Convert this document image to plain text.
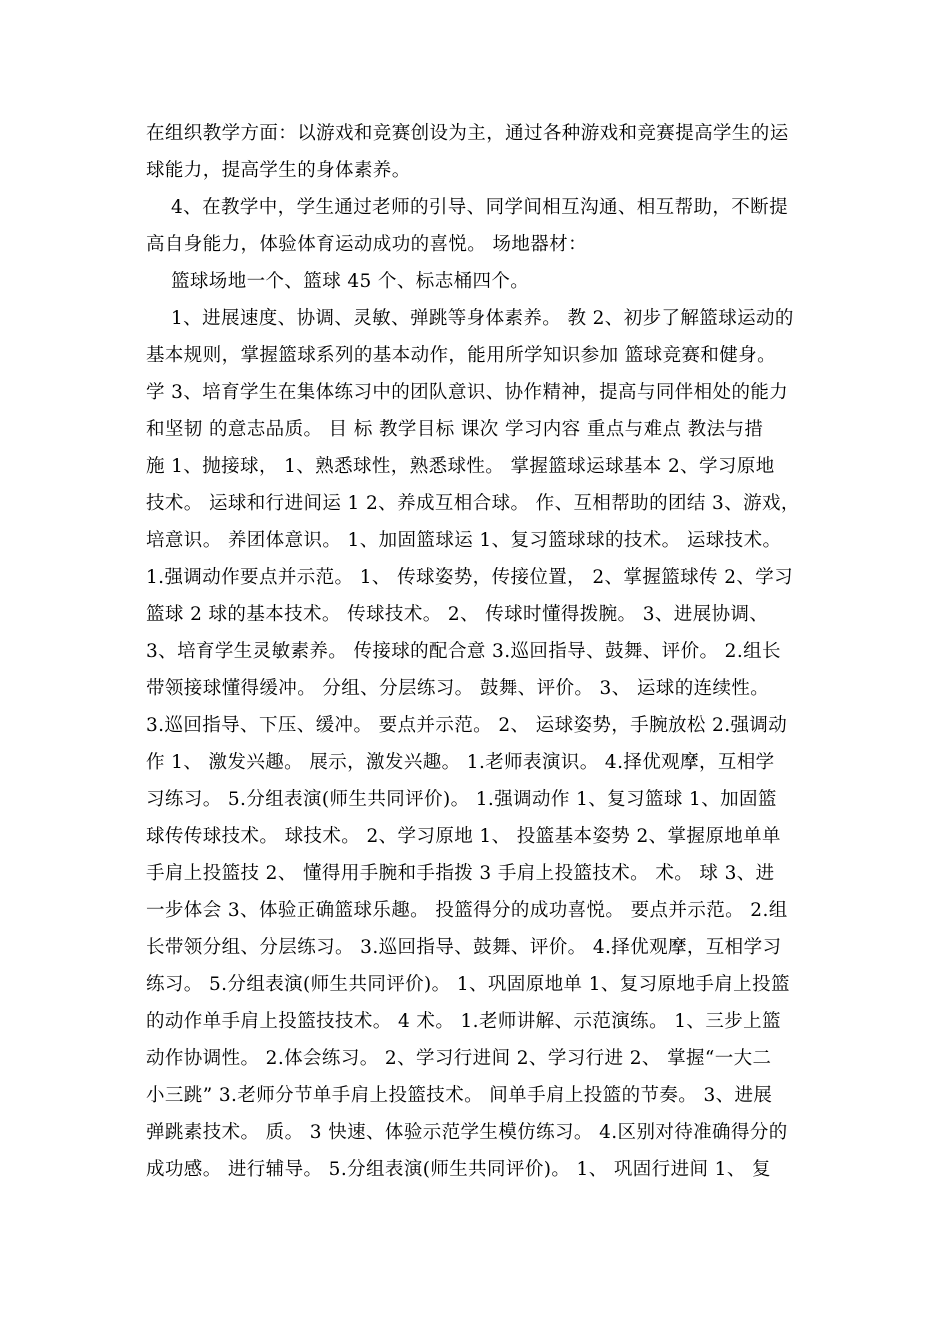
在组织教学方面：以游戏和竞赛创设为主，通过各种游戏和竞赛提高学生的运
球能力，提高学生的身体素养。
4、在教学中，学生通过老师的引导、同学间相互沟通、相互帮助，不断提
高自身能力，体验体育运动成功的喜悦。 场地器材：
篮球场地一个、篮球 45 个、标志桶四个。
1、进展速度、协调、灵敏、弹跳等身体素养。 教 2、初步了解篮球运动的
基本规则，掌握篮球系列的基本动作，能用所学知识参加 篮球竞赛和健身。
学 3、培育学生在集体练习中的团队意识、协作精神，提高与同伴相处的能力
和坚韧 的意志品质。 目 标 教学目标 课次 学习内容 重点与难点 教法与措
施 1、抛接球， 1、熟悉球性，熟悉球性。 掌握篮球运球基本 2、学习原地
技术。 运球和行进间运 1 2、养成互相合球。 作、互相帮助的团结 3、游戏，
培意识。 养团体意识。 1、加固篮球运 1、复习篮球球的技术。 运球技术。
1.强调动作要点并示范。 1、 传球姿势，传接位置， 2、掌握篮球传 2、学习
篮球 2 球的基本技术。 传球技术。 2、 传球时懂得拨腕。 3、进展协调、
3、培育学生灵敏素养。 传接球的配合意 3.巡回指导、鼓舞、评价。 2.组长
带领接球懂得缓冲。 分组、分层练习。 鼓舞、评价。 3、 运球的连续性。
3.巡回指导、下压、缓冲。 要点并示范。 2、 运球姿势，手腕放松 2.强调动
作 1、 激发兴趣。 展示，激发兴趣。 1.老师表演识。 4.择优观摩，互相学
习练习。 5.分组表演(师生共同评价)。 1.强调动作 1、复习篮球 1、加固篮
球传传球技术。 球技术。 2、学习原地 1、 投篮基本姿势 2、掌握原地单单
手肩上投篮技 2、 懂得用手腕和手指拨 3 手肩上投篮技术。 术。 球 3、进
一步体会 3、体验正确篮球乐趣。 投篮得分的成功喜悦。 要点并示范。 2.组
长带领分组、分层练习。 3.巡回指导、鼓舞、评价。 4.择优观摩，互相学习
练习。 5.分组表演(师生共同评价)。 1、巩固原地单 1、复习原地手肩上投篮
的动作单手肩上投篮技技术。 4 术。 1.老师讲解、示范演练。 1、三步上篮
动作协调性。 2.体会练习。 2、学习行进间 2、学习行进 2、 掌握“一大二
小三跳” 3.老师分节单手肩上投篮技术。 间单手肩上投篮的节奏。 3、进展
弹跳素技术。 质。 3 快速、体验示范学生模仿练习。 4.区别对待准确得分的
成功感。 进行辅导。 5.分组表演(师生共同评价)。 1、 巩固行进间 1、 复
